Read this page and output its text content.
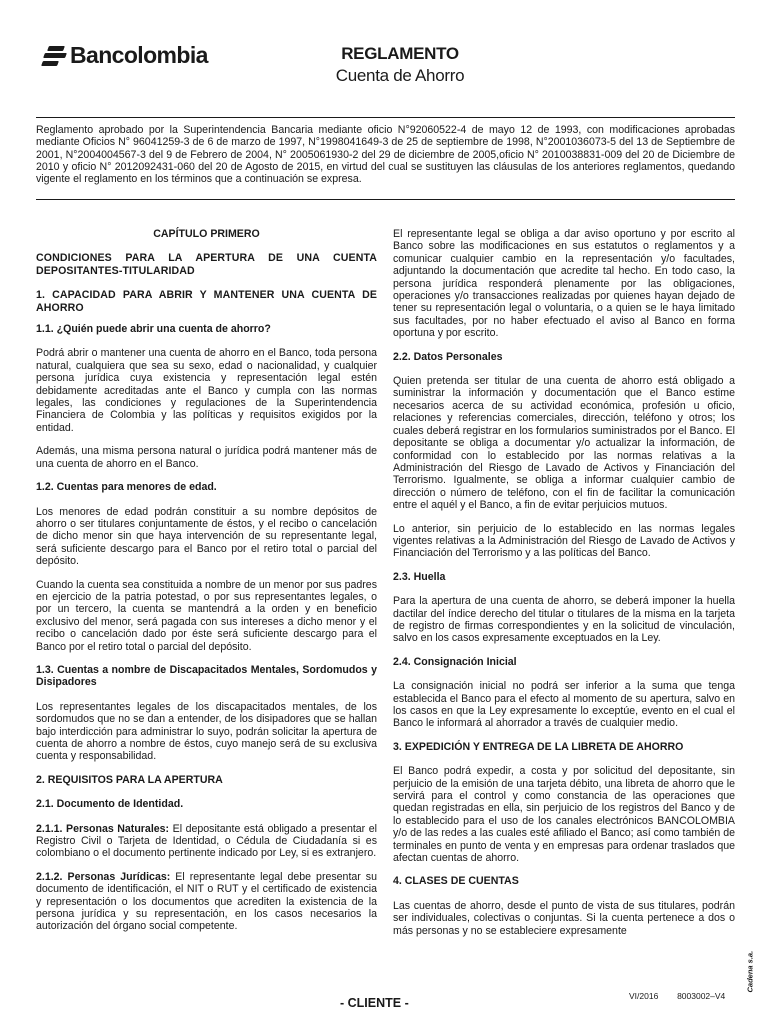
Bancolombia	REGLAMENTO
Cuenta de Ahorro

Reglamento aprobado por la Superintendencia Bancaria mediante oficio N°92060522-4 de mayo 12 de 1993, con modificaciones aprobadas mediante Oficios N° 96041259-3 de 6 de marzo de 1997, N°1998041649-3 de 25 de septiembre de 1998, N°2001036073-5 del 13 de Septiembre de 2001, N°2004004567-3 del 9 de Febrero de 2004, N° 2005061930-2 del 29 de diciembre de 2005,oficio N° 2010038831-009 del 20 de Diciembre de 2010 y oficio N° 2012092431-060 del 20 de Agosto de 2015, en virtud del cual se sustituyen las cláusulas de los anteriores reglamentos, quedando vigente el reglamento en los términos que a continuación se expresa.

CAPÍTULO PRIMERO
CONDICIONES PARA LA APERTURA DE UNA CUENTA DEPOSITANTES-TITULARIDAD
1. CAPACIDAD PARA ABRIR Y MANTENER UNA CUENTA DE AHORRO
1.1. ¿Quién puede abrir una cuenta de ahorro?

Podrá abrir o mantener una cuenta de ahorro en el Banco, toda persona natural, cualquiera que sea su sexo, edad o nacionalidad, y cualquier persona jurídica cuya existencia y representación legal estén debidamente acreditadas ante el Banco y cumpla con las normas legales, las condiciones y regulaciones de la Superintendencia Financiera de Colombia y las políticas y requisitos exigidos por la entidad.

Además, una misma persona natural o jurídica podrá mantener más de una cuenta de ahorro en el Banco.

1.2. Cuentas para menores de edad.

Los menores de edad podrán constituir a su nombre depósitos de ahorro o ser titulares conjuntamente de éstos, y el recibo o cancelación de dicho menor sin que haya intervención de su representante legal, será suficiente descargo para el Banco por el retiro total o parcial del depósito.

Cuando la cuenta sea constituida a nombre de un menor por sus padres en ejercicio de la patria potestad, o por sus representantes legales, o por un tercero, la cuenta se mantendrá a la orden y en beneficio exclusivo del menor, será pagada con sus intereses a dicho menor y el recibo o cancelación dado por éste será suficiente descargo para el Banco por el retiro total o parcial del depósito.

1.3. Cuentas a nombre de Discapacitados Mentales, Sordomudos y Disipadores

Los representantes legales de los discapacitados mentales, de los sordomudos que no se dan a entender, de los disipadores que se hallan bajo interdicción para administrar lo suyo, podrán solicitar la apertura de cuenta de ahorro a nombre de éstos, cuyo manejo será de su exclusiva cuenta y responsabilidad.

2. REQUISITOS PARA LA APERTURA
2.1. Documento de Identidad.

2.1.1. Personas Naturales: El depositante está obligado a presentar el Registro Civil o Tarjeta de Identidad, o Cédula de Ciudadanía si es colombiano o el documento pertinente indicado por Ley, si es extranjero.

2.1.2. Personas Jurídicas: El representante legal debe presentar su documento de identificación, el NIT o RUT y el certificado de existencia y representación o los documentos que acrediten la existencia de la persona jurídica y su representación, en los casos necesarios la autorización del órgano social competente.

El representante legal se obliga a dar aviso oportuno y por escrito al Banco sobre las modificaciones en sus estatutos o reglamentos y a comunicar cualquier cambio en la representación y/o facultades, adjuntando la documentación que acredite tal hecho. En todo caso, la persona jurídica responderá plenamente por las obligaciones, operaciones y/o transacciones realizadas por quienes hayan dejado de tener su representación legal o voluntaria, o a quien se le haya limitado sus facultades, por no haber efectuado el aviso al Banco en forma oportuna y por escrito.

2.2. Datos Personales

Quien pretenda ser titular de una cuenta de ahorro está obligado a suministrar la información y documentación que el Banco estime necesarios acerca de su actividad económica, profesión u oficio, relaciones y referencias comerciales, dirección, teléfono y otros; los cuales deberá registrar en los formularios suministrados por el Banco. El depositante se obliga a documentar y/o actualizar la información, de conformidad con lo establecido por las normas relativas a la Administración del Riesgo de Lavado de Activos y Financiación del Terrorismo. Igualmente, se obliga a informar cualquier cambio de dirección o número de teléfono, con el fin de facilitar la comunicación entre el aquél y el Banco, a fin de evitar perjuicios mutuos.

Lo anterior, sin perjuicio de lo establecido en las normas legales vigentes relativas a la Administración del Riesgo de Lavado de Activos y Financiación del Terrorismo y a las políticas del Banco.

2.3. Huella

Para la apertura de una cuenta de ahorro, se deberá imponer la huella dactilar del índice derecho del titular o titulares de la misma en la tarjeta de registro de firmas correspondientes y en la solicitud de vinculación, salvo en los casos expresamente exceptuados en la Ley.

2.4. Consignación Inicial

La consignación inicial no podrá ser inferior a la suma que tenga establecida el Banco para el efecto al momento de su apertura, salvo en los casos en que la Ley expresamente lo exceptúe, evento en el cual el Banco le informará al ahorrador a través de cualquier medio.

3. EXPEDICIÓN Y ENTREGA DE LA LIBRETA DE AHORRO

El Banco podrá expedir, a costa y por solicitud del depositante, sin perjuicio de la emisión de una tarjeta débito, una libreta de ahorro que le servirá para el control y como constancia de las operaciones que quedan registradas en ella, sin perjuicio de los registros del Banco y de lo establecido para el uso de los canales electrónicos BANCOLOMBIA y/o de las redes a las cuales esté afiliado el Banco; así como también de terminales en punto de venta y en empresas para ordenar traslados que afectan cuentas de ahorro.

4. CLASES DE CUENTAS

Las cuentas de ahorro, desde el punto de vista de sus titulares, podrán ser individuales, colectivas o conjuntas. Si la cuenta pertenece a dos o más personas y no se estableciere expresamente

Cadena s.a.
- CLIENTE -	VI/2016 8003002–V4
